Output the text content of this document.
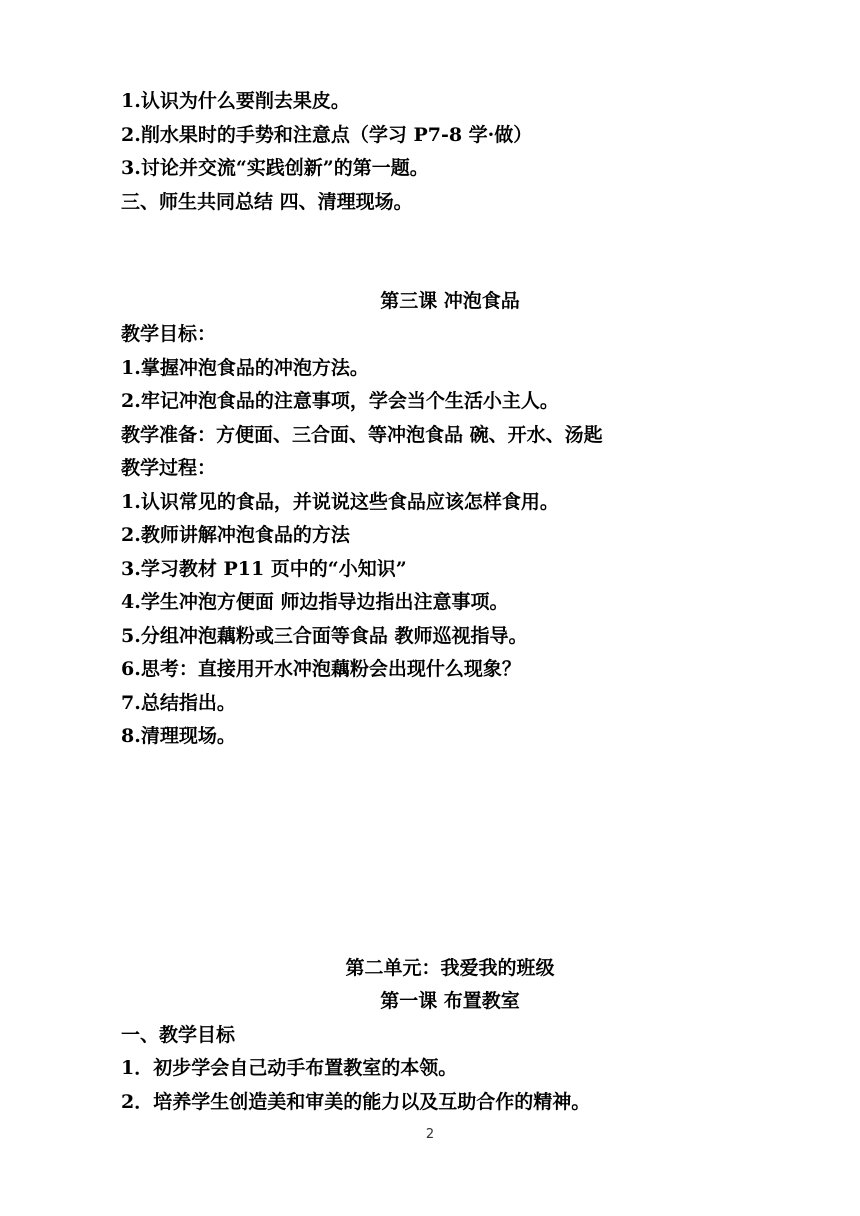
1.认识为什么要削去果皮。
2.削水果时的手势和注意点（学习 P7-8 学·做）
3.讨论并交流“实践创新”的第一题。
三、师生共同总结 四、清理现场。
第三课 冲泡食品
教学目标：
1.掌握冲泡食品的冲泡方法。
2.牢记冲泡食品的注意事项，学会当个生活小主人。
教学准备：方便面、三合面、等冲泡食品 碗、开水、汤匙
教学过程：
1.认识常见的食品，并说说这些食品应该怎样食用。
2.教师讲解冲泡食品的方法
3.学习教材 P11 页中的“小知识”
4.学生冲泡方便面 师边指导边指出注意事项。
5.分组冲泡藕粉或三合面等食品 教师巡视指导。
6.思考：直接用开水冲泡藕粉会出现什么现象？
7.总结指出。
8.清理现场。
第二单元：我爱我的班级
第一课 布置教室
一、教学目标
1．初步学会自己动手布置教室的本领。
2．培养学生创造美和审美的能力以及互助合作的精神。
2
